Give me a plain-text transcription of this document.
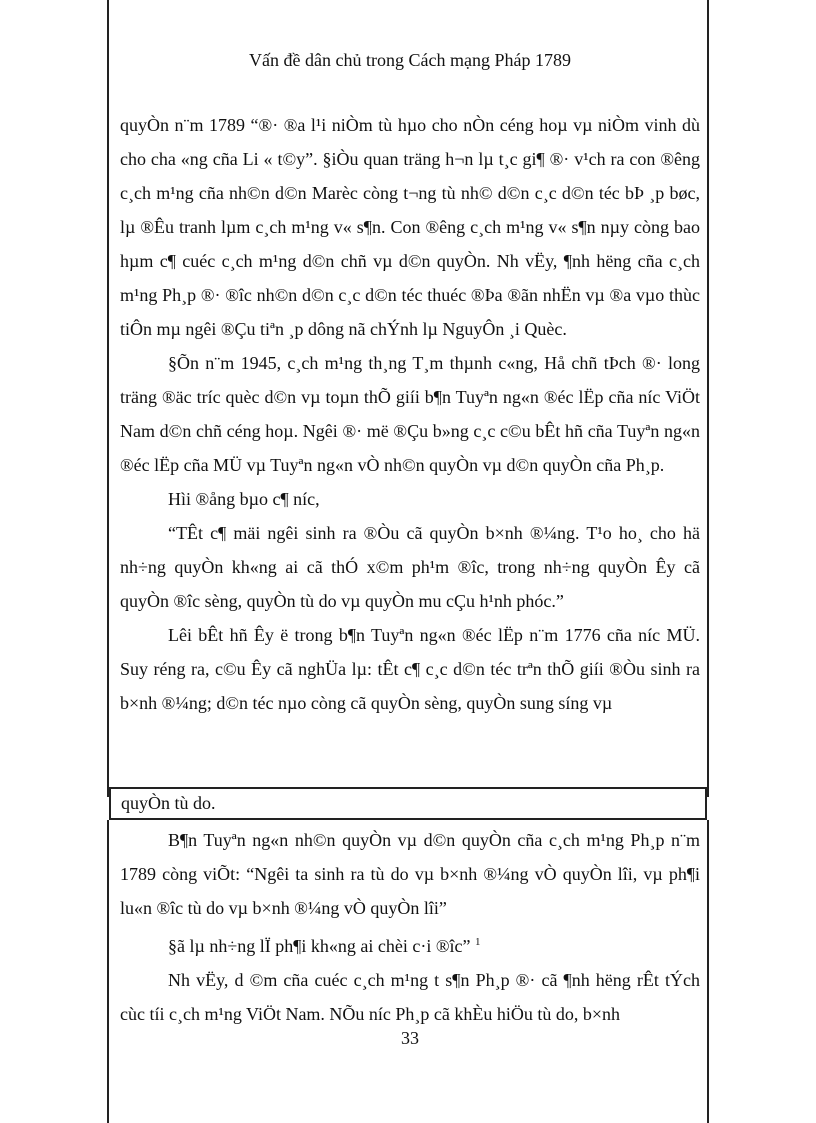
Vấn đề dân chủ trong Cách mạng Pháp 1789

quyÒn n¨m 1789 “®· ®a l¹i niÒm tù hµo cho nÒn céng hoµ vµ niÒm vinh dù cho cha «ng cña Li « t©y”. §iÒu quan träng h¬n lµ t¸c gi¶ ®· v¹ch ra con ®êng c¸ch m¹ng cña nh©n d©n Marèc còng t¬ng tù nh© d©n c¸c d©n téc bÞ ¸p bøc, lµ ®Êu tranh lµm c¸ch m¹ng v« s¶n. Con ®êng c¸ch m¹ng v« s¶n nµy còng bao hµm c¶ cuéc c¸ch m¹ng d©n chñ vµ d©n quyÒn. Nh vËy, ¶nh hëng cña c¸ch m¹ng Ph¸p ®· ®îc nh©n d©n c¸c d©n téc thuéc ®Þa ®ãn nhËn vµ ®a vµo thùc tiÔn mµ ngêi ®Çu tiªn ¸p dông nã chÝnh lµ NguyÔn ¸i Quèc.

§Õn n¨m 1945, c¸ch m¹ng th¸ng T¸m thµnh c«ng, Hå chñ tÞch ®· long träng ®äc tríc quèc d©n vµ toµn thÕ giíi b¶n Tuyªn ng«n ®éc lËp cña níc ViÖt Nam d©n chñ céng hoµ. Ngêi ®· më ®Çu b»ng c¸c c©u bÊt hñ cña Tuyªn ng«n ®éc lËp cña MÜ vµ Tuyªn ng«n vÒ nh©n quyÒn vµ d©n quyÒn cña Ph¸p.

Hìi ®ång bµo c¶ níc,

“TÊt c¶ mäi ngêi sinh ra ®Òu cã quyÒn b×nh ®¼ng. T¹o ho¸ cho hä nh÷ng quyÒn kh«ng ai cã thÓ x©m ph¹m ®îc, trong nh÷ng quyÒn Êy cã quyÒn ®îc sèng, quyÒn tù do vµ quyÒn mu cÇu h¹nh phóc.”

Lêi bÊt hñ Êy ë trong b¶n Tuyªn ng«n ®éc lËp n¨m 1776 cña níc MÜ. Suy réng ra, c©u Êy cã nghÜa lµ: tÊt c¶ c¸c d©n téc trªn thÕ giíi ®Òu sinh ra b×nh ®¼ng; d©n téc nµo còng cã quyÒn sèng, quyÒn sung síng vµ

quyÒn tù do.

B¶n Tuyªn ng«n nh©n quyÒn vµ d©n quyÒn cña c¸ch m¹ng Ph¸p n¨m 1789 còng viÕt: “Ngêi ta sinh ra tù do vµ b×nh ®¼ng vÒ quyÒn lîi, vµ ph¶i lu«n ®îc tù do vµ b×nh ®¼ng vÒ quyÒn lîi”

§ã lµ nh÷ng lÏ ph¶i kh«ng ai chèi c·i ®îc” $^1$

Nh vËy, d ©m cña cuéc c¸ch m¹ng t s¶n Ph¸p ®· cã ¶nh hëng rÊt tÝch cùc tíi c¸ch m¹ng ViÖt Nam. NÕu níc Ph¸p cã khÈu hiÖu tù do, b×nh

33
